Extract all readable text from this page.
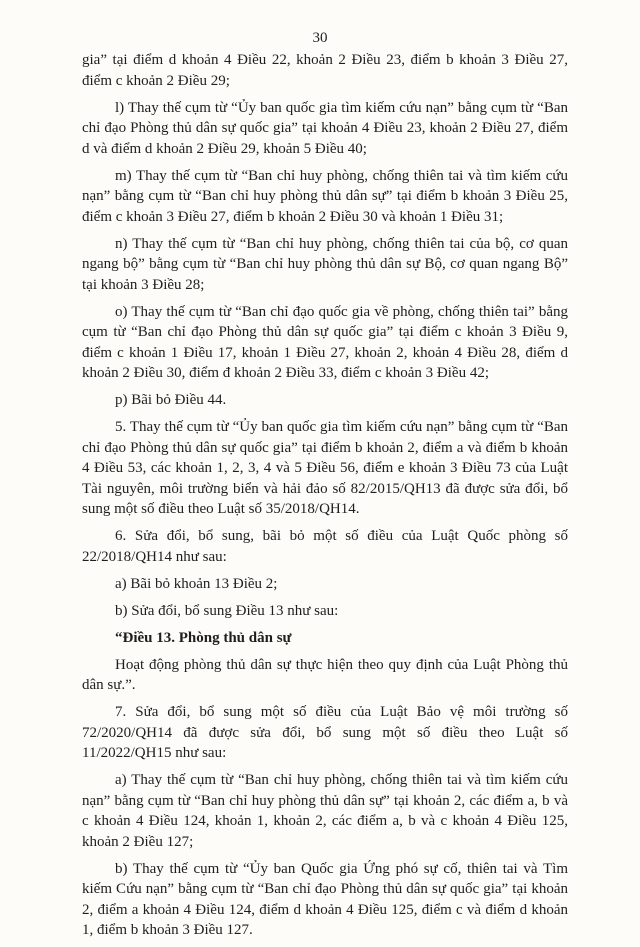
30

gia” tại điểm d khoản 4 Điều 22, khoản 2 Điều 23, điểm b khoản 3 Điều 27, điểm c khoản 2 Điều 29;

l) Thay thế cụm từ “Ủy ban quốc gia tìm kiếm cứu nạn” bằng cụm từ “Ban chỉ đạo Phòng thủ dân sự quốc gia” tại khoản 4 Điều 23, khoản 2 Điều 27, điểm d và điểm d khoản 2 Điều 29, khoản 5 Điều 40;

m) Thay thế cụm từ “Ban chỉ huy phòng, chống thiên tai và tìm kiếm cứu nạn” bằng cụm từ “Ban chỉ huy phòng thủ dân sự” tại điểm b khoản 3 Điều 25, điểm c khoản 3 Điều 27, điểm b khoản 2 Điều 30 và khoản 1 Điều 31;

n) Thay thế cụm từ “Ban chỉ huy phòng, chống thiên tai của bộ, cơ quan ngang bộ” bằng cụm từ “Ban chỉ huy phòng thủ dân sự Bộ, cơ quan ngang Bộ” tại khoản 3 Điều 28;

o) Thay thế cụm từ “Ban chỉ đạo quốc gia về phòng, chống thiên tai” bằng cụm từ “Ban chỉ đạo Phòng thủ dân sự quốc gia” tại điểm c khoản 3 Điều 9, điểm c khoản 1 Điều 17, khoản 1 Điều 27, khoản 2, khoản 4 Điều 28, điểm d khoản 2 Điều 30, điểm đ khoản 2 Điều 33, điểm c khoản 3 Điều 42;

p) Bãi bỏ Điều 44.

5. Thay thế cụm từ “Ủy ban quốc gia tìm kiếm cứu nạn” bằng cụm từ “Ban chỉ đạo Phòng thủ dân sự quốc gia” tại điểm b khoản 2, điểm a và điểm b khoản 4 Điều 53, các khoản 1, 2, 3, 4 và 5 Điều 56, điểm e khoản 3 Điều 73 của Luật Tài nguyên, môi trường biển và hải đảo số 82/2015/QH13 đã được sửa đổi, bổ sung một số điều theo Luật số 35/2018/QH14.

6. Sửa đổi, bổ sung, bãi bỏ một số điều của Luật Quốc phòng số 22/2018/QH14 như sau:

a) Bãi bỏ khoản 13 Điều 2;

b) Sửa đổi, bổ sung Điều 13 như sau:

“Điều 13. Phòng thủ dân sự

Hoạt động phòng thủ dân sự thực hiện theo quy định của Luật Phòng thủ dân sự.”.

7. Sửa đổi, bổ sung một số điều của Luật Bảo vệ môi trường số 72/2020/QH14 đã được sửa đổi, bổ sung một số điều theo Luật số 11/2022/QH15 như sau:

a) Thay thế cụm từ “Ban chỉ huy phòng, chống thiên tai và tìm kiếm cứu nạn” bằng cụm từ “Ban chỉ huy phòng thủ dân sự” tại khoản 2, các điểm a, b và c khoản 4 Điều 124, khoản 1, khoản 2, các điểm a, b và c khoản 4 Điều 125, khoản 2 Điều 127;

b) Thay thế cụm từ “Ủy ban Quốc gia Ứng phó sự cố, thiên tai và Tìm kiếm Cứu nạn” bằng cụm từ “Ban chỉ đạo Phòng thủ dân sự quốc gia” tại khoản 2, điểm a khoản 4 Điều 124, điểm d khoản 4 Điều 125, điểm c và điểm d khoản 1, điểm b khoản 3 Điều 127.
